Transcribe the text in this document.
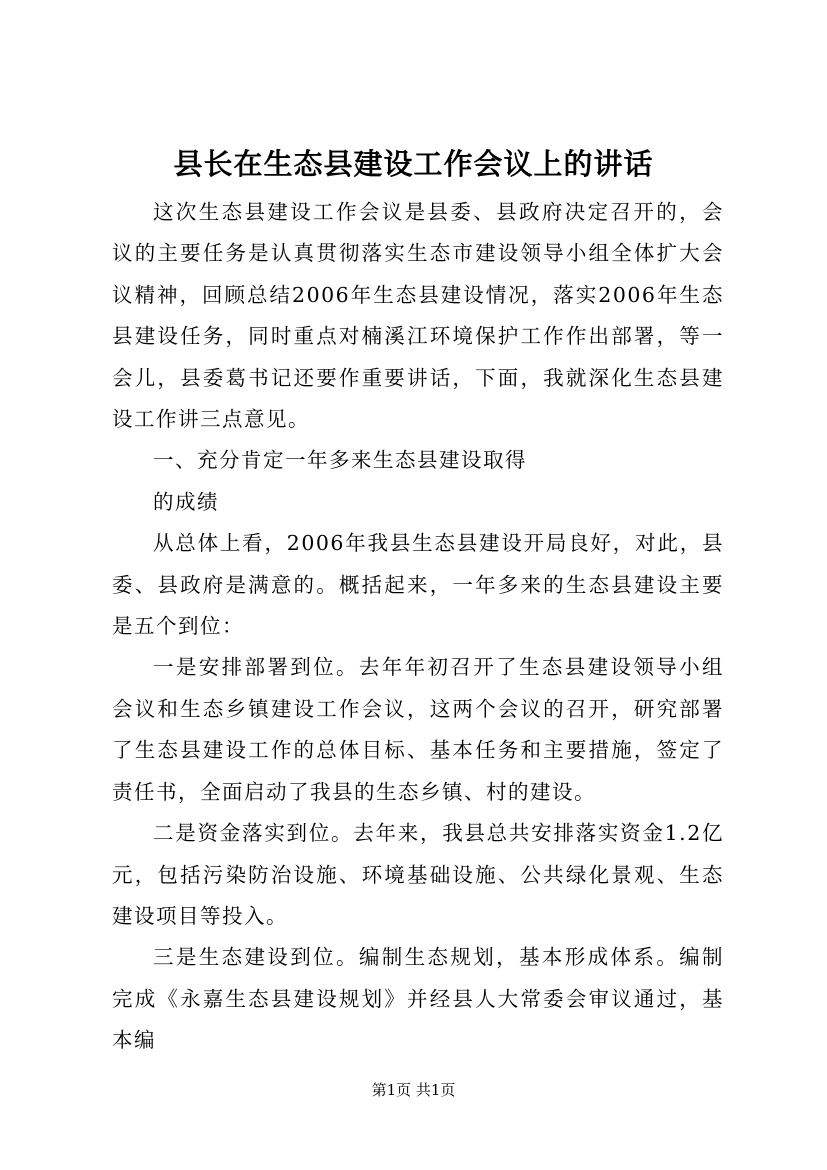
县长在生态县建设工作会议上的讲话

这次生态县建设工作会议是县委、县政府决定召开的，会议的主要任务是认真贯彻落实生态市建设领导小组全体扩大会议精神，回顾总结2006年生态县建设情况，落实2006年生态县建设任务，同时重点对楠溪江环境保护工作作出部署，等一会儿，县委葛书记还要作重要讲话，下面，我就深化生态县建设工作讲三点意见。

一、充分肯定一年多来生态县建设取得

的成绩

从总体上看，2006年我县生态县建设开局良好，对此，县委、县政府是满意的。概括起来，一年多来的生态县建设主要是五个到位：

一是安排部署到位。去年年初召开了生态县建设领导小组会议和生态乡镇建设工作会议，这两个会议的召开，研究部署了生态县建设工作的总体目标、基本任务和主要措施，签定了责任书，全面启动了我县的生态乡镇、村的建设。

二是资金落实到位。去年来，我县总共安排落实资金1.2亿元，包括污染防治设施、环境基础设施、公共绿化景观、生态建设项目等投入。

三是生态建设到位。编制生态规划，基本形成体系。编制完成《永嘉生态县建设规划》并经县人大常委会审议通过，基本编

第1页 共1页
